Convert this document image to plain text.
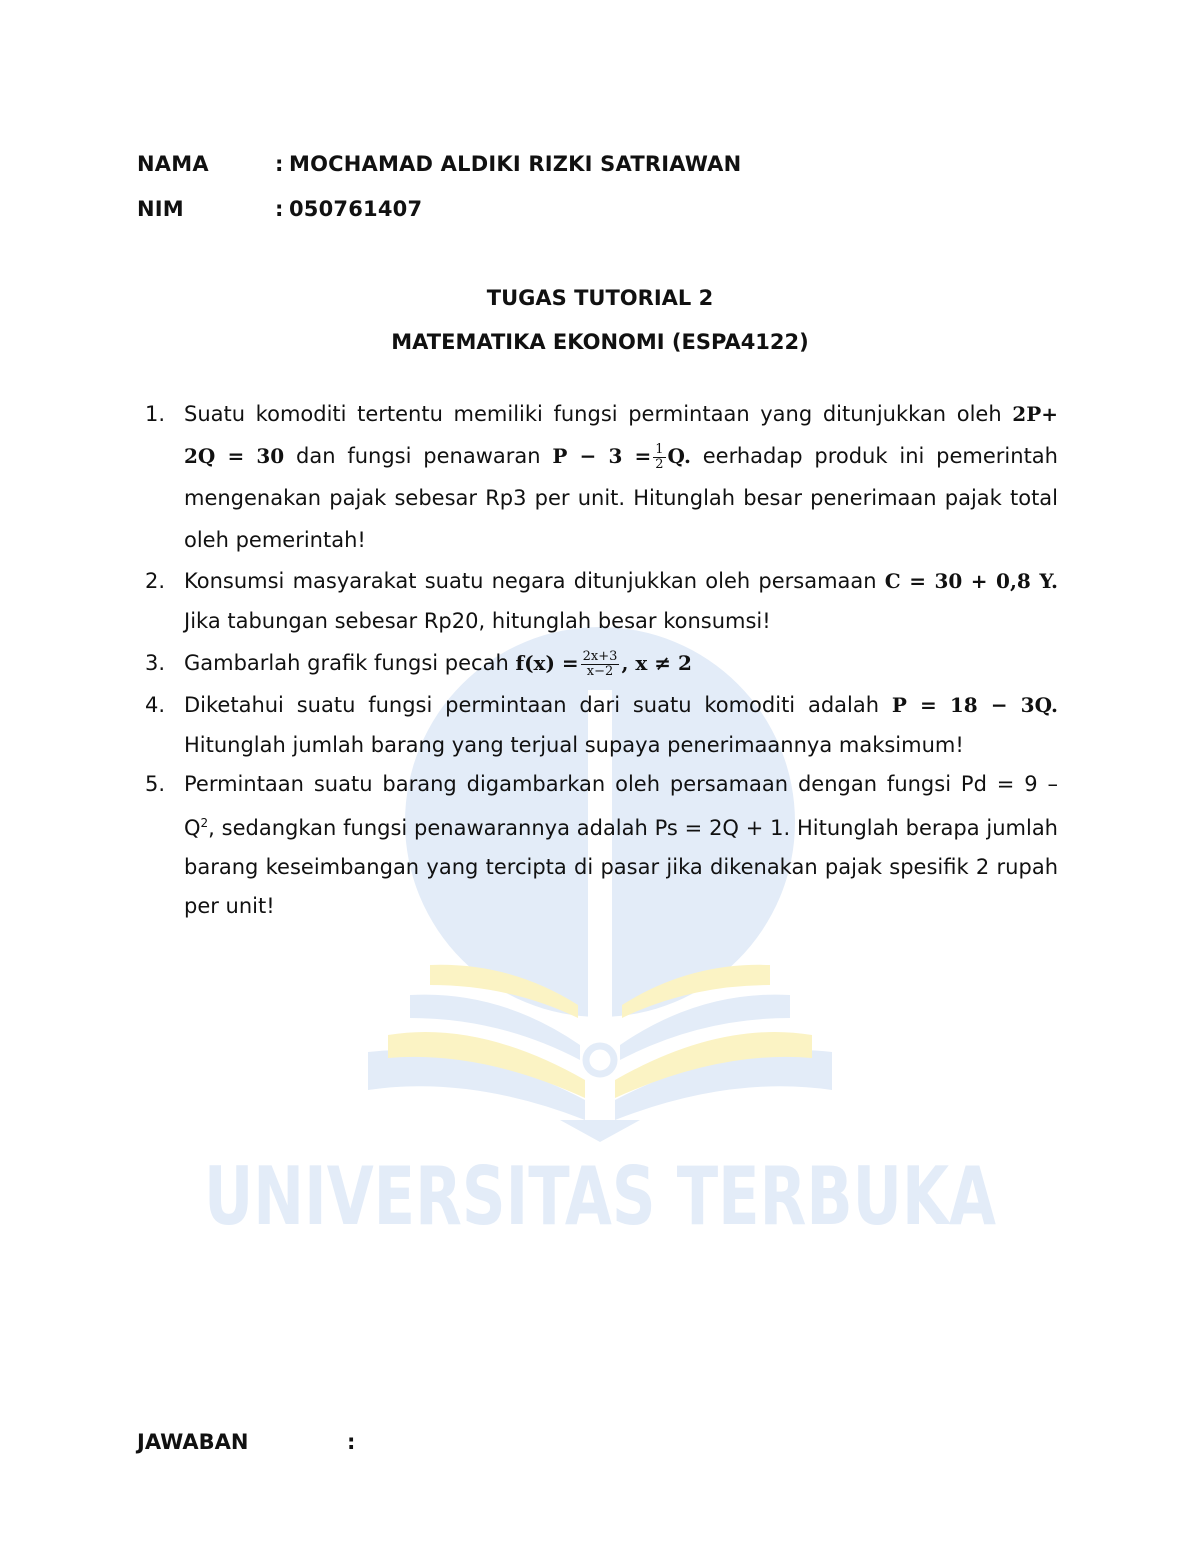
UNIVERSITAS TERBUKA
NAMA	: MOCHAMAD ALDIKI RIZKI SATRIAWAN
NIM	: 050761407
TUGAS TUTORIAL 2
MATEMATIKA EKONOMI (ESPA4122)
1. Suatu komoditi tertentu memiliki fungsi permintaan yang ditunjukkan oleh 2P+ 2Q = 30 dan fungsi penawaran $P - 3 = \frac{1}{2} Q$. eerhadap produk ini pemerintah mengenakan pajak sebesar Rp3 per unit. Hitunglah besar penerimaan pajak total oleh pemerintah!
2. Konsumsi masyarakat suatu negara ditunjukkan oleh persamaan C = 30 + 0,8 Y. Jika tabungan sebesar Rp20, hitunglah besar konsumsi!
3. Gambarlah grafik fungsi pecah $f(x) = \frac{2x+3}{x-2}$ , x ≠ 2
4. Diketahui suatu fungsi permintaan dari suatu komoditi adalah P = 18 − 3Q. Hitunglah jumlah barang yang terjual supaya penerimaannya maksimum!
5. Permintaan suatu barang digambarkan oleh persamaan dengan fungsi $Pd = 9 - Q^2$, sedangkan fungsi penawarannya adalah Ps = 2Q + 1. Hitunglah berapa jumlah barang keseimbangan yang tercipta di pasar jika dikenakan pajak spesifik 2 rupah per unit!
JAWABAN	:
